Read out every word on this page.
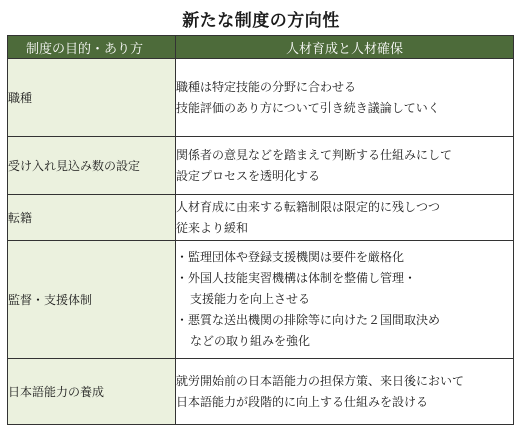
新たな制度の方向性
制度の目的・あり方	人材育成と人材確保
職種	職種は特定技能の分野に合わせる
技能評価のあり方について引き続き議論していく

受け入れ見込み数の設定	関係者の意見などを踏まえて判断する仕組みにして
設定プロセスを透明化する

転籍	人材育成に由来する転籍制限は限定的に残しつつ
従来より緩和

監督・支援体制	・監理団体や登録支援機関は要件を厳格化
・外国人技能実習機構は体制を整備し管理・
支援能力を向上させる
・悪質な送出機関の排除等に向けた２国間取決め
などの取り組みを強化

日本語能力の養成	就労開始前の日本語能力の担保方策、来日後において
日本語能力が段階的に向上する仕組みを設ける
